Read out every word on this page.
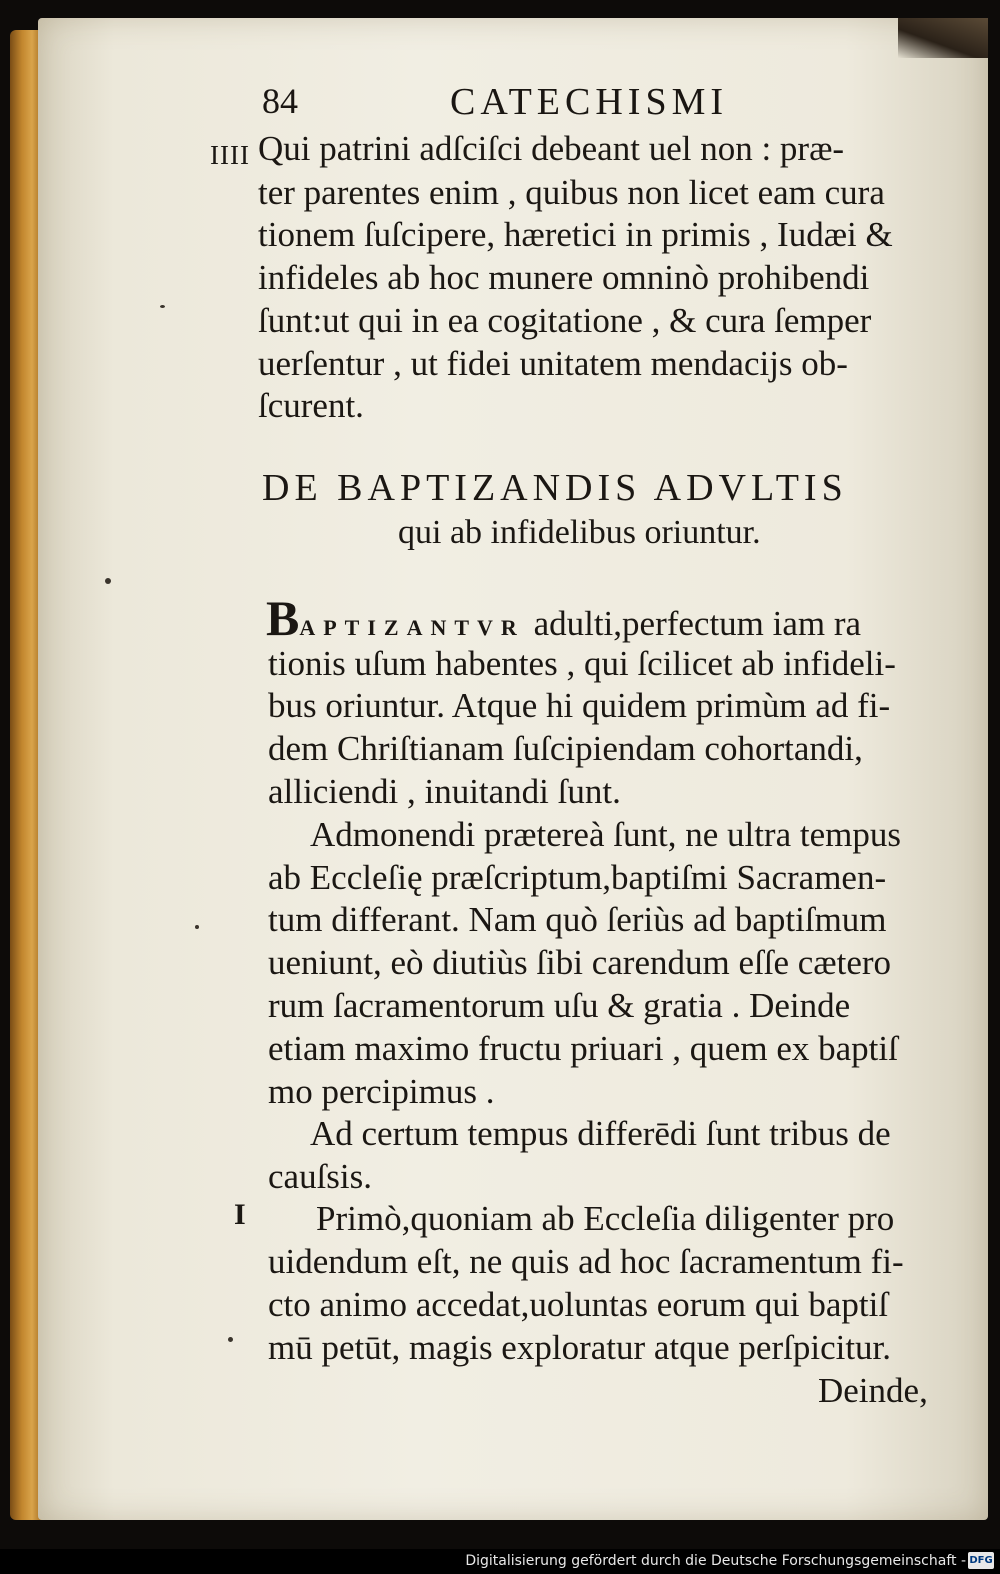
84	CATECHISMI
IIII Qui patrini adſciſci debeant uel non : præ-
ter parentes enim , quibus non licet eam cura
tionem ſuſcipere, hæretici in primis , Iudæi &
infideles ab hoc munere omninò prohibendi
ſunt:ut qui in ea cogitatione , & cura ſemper
uerſentur , ut fidei unitatem mendacijs ob-
ſcurent.
DE BAPTIZANDIS ADVLTIS
qui ab infidelibus oriuntur.
BAPTIZANTVR adulti,perfectum iam ra
tionis uſum habentes , qui ſcilicet ab infideli-
bus oriuntur. Atque hi quidem primùm ad fi-
dem Chriſtianam ſuſcipiendam cohortandi,
alliciendi , inuitandi ſunt.
Admonendi prætereà ſunt, ne ultra tempus
ab Eccleſię præſcriptum,baptiſmi Sacramen-
tum differant. Nam quò ſeriùs ad baptiſmum
ueniunt, eò diutiùs ſibi carendum eſſe cætero
rum ſacramentorum uſu & gratia . Deinde
etiam maximo fructu priuari , quem ex baptiſ
mo percipimus .
Ad certum tempus differēdi ſunt tribus de
cauſsis.
I Primò,quoniam ab Eccleſia diligenter pro
uidendum eſt, ne quis ad hoc ſacramentum fi-
cto animo accedat,uoluntas eorum qui baptiſ
mū petūt, magis exploratur atque perſpicitur.
Deinde,
Digitalisierung gefördert durch die Deutsche Forschungsgemeinschaft - DFG
